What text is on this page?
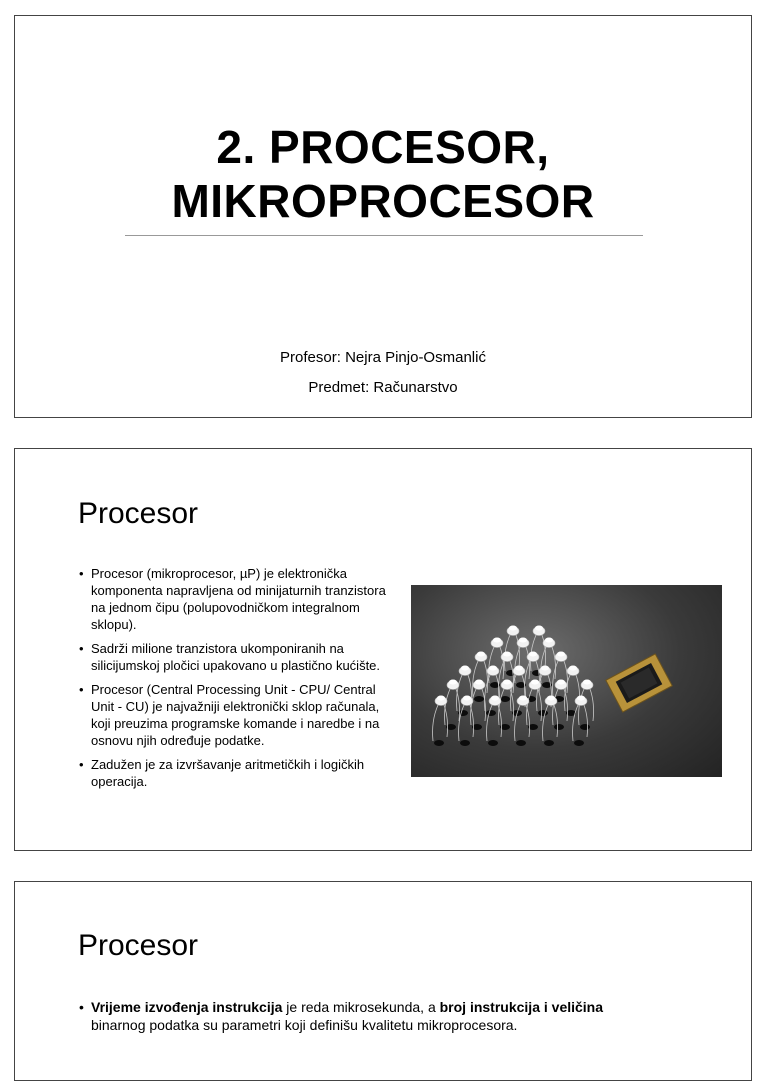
2. PROCESOR,
MIKROPROCESOR
Profesor: Nejra Pinjo-Osmanlić
Predmet: Računarstvo
Procesor
• Procesor (mikroprocesor, µP) je elektronička komponenta napravljena od minijaturnih tranzistora na jednom čipu (polupovodničkom integralnom sklopu).
• Sadrži milione tranzistora ukomponiranih na silicijumskoj pločici upakovano u plastično kućište.
• Procesor (Central Processing Unit - CPU/ Central Unit - CU) je najvažniji elektronički sklop računala, koji preuzima programske komande i naredbe i na osnovu njih određuje podatke.
• Zadužen je za izvršavanje aritmetičkih i logičkih operacija.
Procesor
• Vrijeme izvođenja instrukcija je reda mikrosekunda, a broj instrukcija i veličina
binarnog podatka su parametri koji definišu kvalitetu mikroprocesora.
